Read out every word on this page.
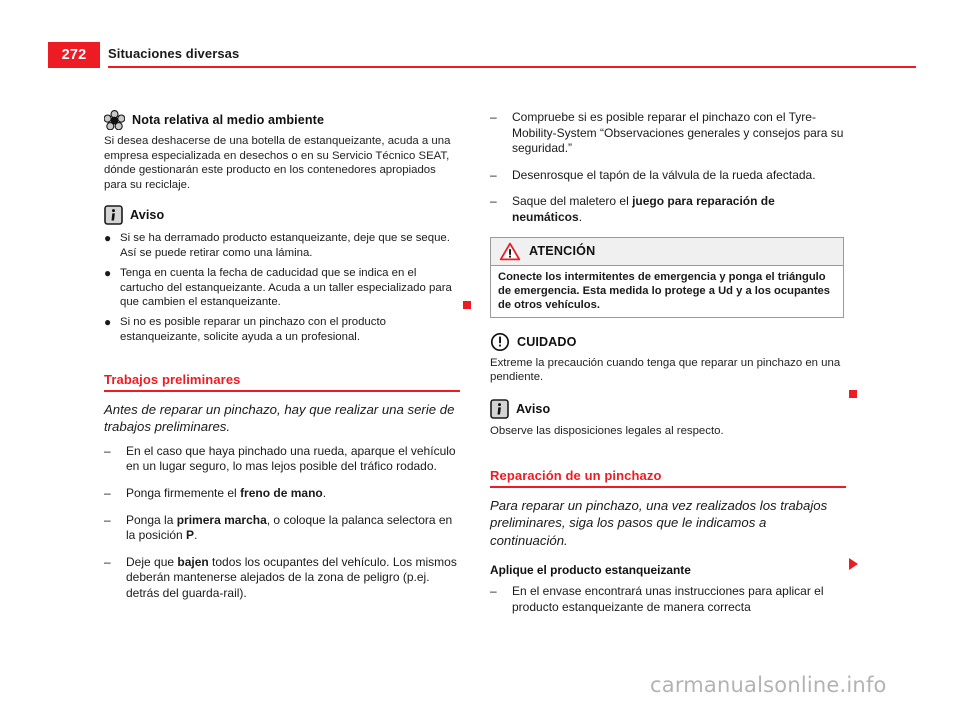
272	Situaciones diversas
Nota relativa al medio ambiente
Si desea deshacerse de una botella de estanqueizante, acuda a una empresa especializada en desechos o en su Servicio Técnico SEAT, dónde gestionarán este producto en los contenedores apropiados para su reciclaje.
Aviso
● Si se ha derramado producto estanqueizante, deje que se seque. Así se puede retirar como una lámina.
● Tenga en cuenta la fecha de caducidad que se indica en el cartucho del estanqueizante. Acuda a un taller especializado para que cambien el estanqueizante.
● Si no es posible reparar un pinchazo con el producto estanqueizante, solicite ayuda a un profesional.
Trabajos preliminares
Antes de reparar un pinchazo, hay que realizar una serie de trabajos preliminares.
–	En el caso que haya pinchado una rueda, aparque el vehículo en un lugar seguro, lo mas lejos posible del tráfico rodado.
–	Ponga firmemente el freno de mano.
–	Ponga la primera marcha, o coloque la palanca selectora en la posición P.
–	Deje que bajen todos los ocupantes del vehículo. Los mismos deberán mantenerse alejados de la zona de peligro (p.ej. detrás del guarda-rail).
–	Compruebe si es posible reparar el pinchazo con el Tyre-Mobility-System “Observaciones generales y consejos para su seguridad.”
–	Desenrosque el tapón de la válvula de la rueda afectada.
–	Saque del maletero el juego para reparación de neumáticos.
ATENCIÓN
Conecte los intermitentes de emergencia y ponga el triángulo de emergencia. Esta medida lo protege a Ud y a los ocupantes de otros vehículos.
CUIDADO
Extreme la precaución cuando tenga que reparar un pinchazo en una pendiente.
Aviso
Observe las disposiciones legales al respecto.
Reparación de un pinchazo
Para reparar un pinchazo, una vez realizados los trabajos preliminares, siga los pasos que le indicamos a continuación.
Aplique el producto estanqueizante
–	En el envase encontrará unas instrucciones para aplicar el producto estanqueizante de manera correcta
carmanualsonline.info
